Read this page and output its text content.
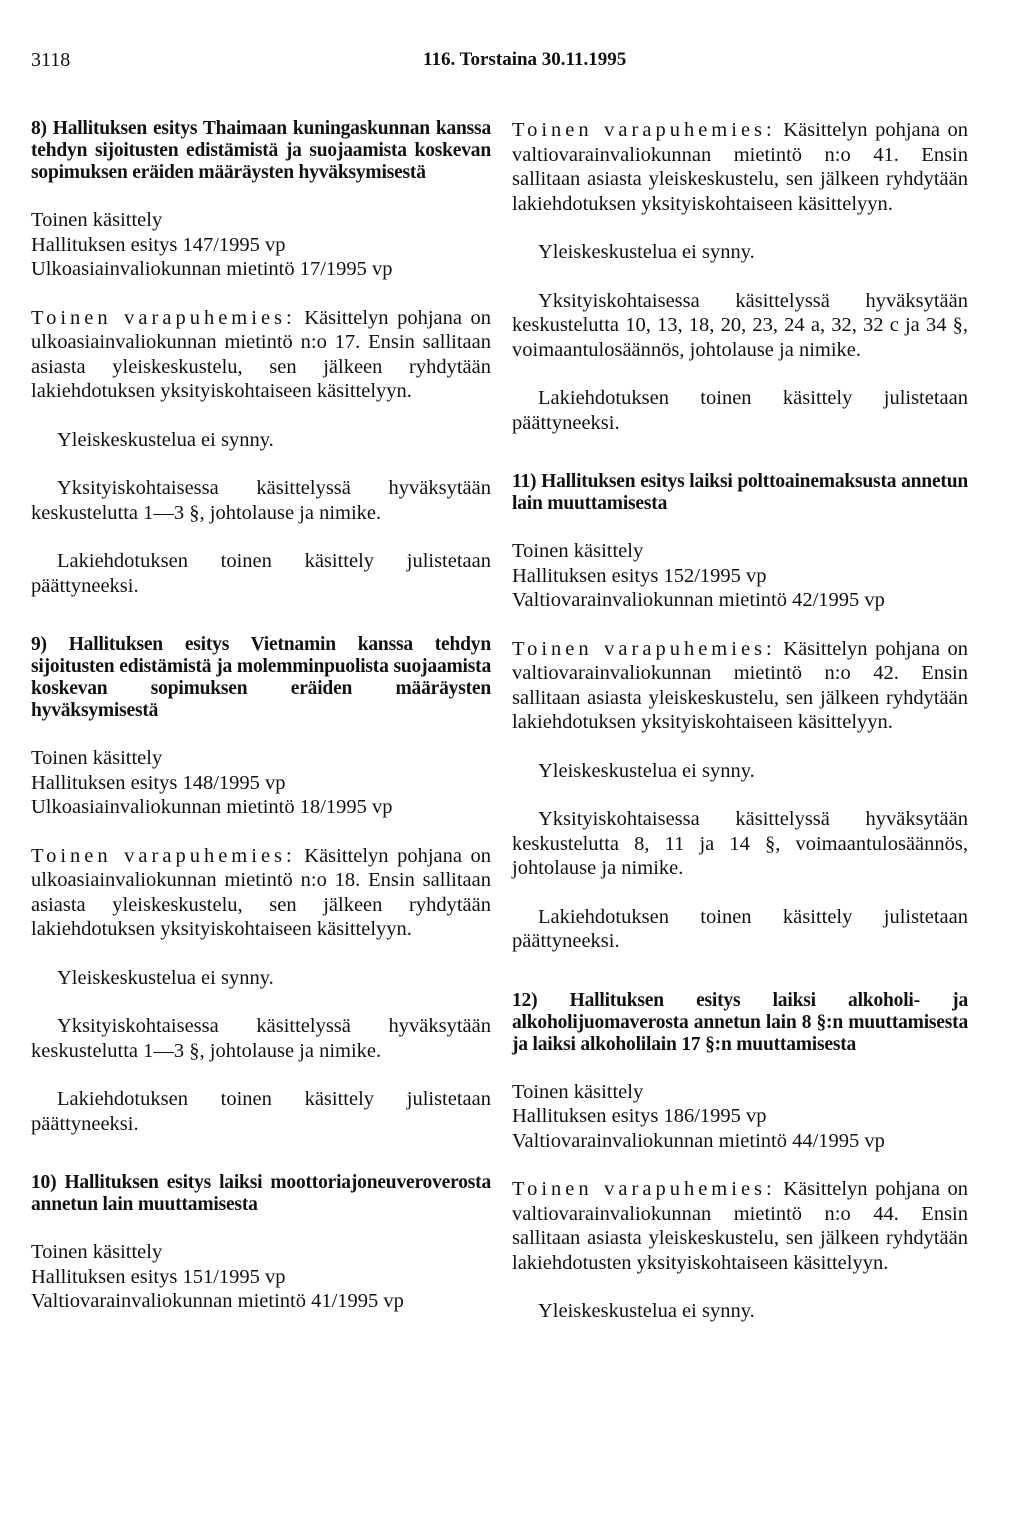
3118	116. Torstaina 30.11.1995
8) Hallituksen esitys Thaimaan kuningaskunnan kanssa tehdyn sijoitusten edistämistä ja suojaamista koskevan sopimuksen eräiden määräysten hyväksymisestä
Toinen käsittely
Hallituksen esitys 147/1995 vp
Ulkoasiainvaliokunnan mietintö 17/1995 vp

Toinen varapuhemies: Käsittelyn pohjana on ulkoasiainvaliokunnan mietintö n:o 17. Ensin sallitaan asiasta yleiskeskustelu, sen jälkeen ryhdytään lakiehdotuksen yksityiskohtaiseen käsittelyyn.

Yleiskeskustelua ei synny.

Yksityiskohtaisessa käsittelyssä hyväksytään keskustelutta 1—3 §, johtolause ja nimike.

Lakiehdotuksen toinen käsittely julistetaan päättyneeksi.

9) Hallituksen esitys Vietnamin kanssa tehdyn sijoitusten edistämistä ja molemminpuolista suojaamista koskevan sopimuksen eräiden määräysten hyväksymisestä
Toinen käsittely
Hallituksen esitys 148/1995 vp
Ulkoasiainvaliokunnan mietintö 18/1995 vp

Toinen varapuhemies: Käsittelyn pohjana on ulkoasiainvaliokunnan mietintö n:o 18. Ensin sallitaan asiasta yleiskeskustelu, sen jälkeen ryhdytään lakiehdotuksen yksityiskohtaiseen käsittelyyn.

Yleiskeskustelua ei synny.

Yksityiskohtaisessa käsittelyssä hyväksytään keskustelutta 1—3 §, johtolause ja nimike.

Lakiehdotuksen toinen käsittely julistetaan päättyneeksi.

10) Hallituksen esitys laiksi moottoriajoneuveroverosta annetun lain muuttamisesta
Toinen käsittely
Hallituksen esitys 151/1995 vp
Valtiovarainvaliokunnan mietintö 41/1995 vp

Toinen varapuhemies: Käsittelyn pohjana on valtiovarainvaliokunnan mietintö n:o 41. Ensin sallitaan asiasta yleiskeskustelu, sen jälkeen ryhdytään lakiehdotuksen yksityiskohtaiseen käsittelyyn.

Yleiskeskustelua ei synny.

Yksityiskohtaisessa käsittelyssä hyväksytään keskustelutta 10, 13, 18, 20, 23, 24 a, 32, 32 c ja 34 §, voimaantulosäännös, johtolause ja nimike.

Lakiehdotuksen toinen käsittely julistetaan päättyneeksi.

11) Hallituksen esitys laiksi polttoainemaksusta annetun lain muuttamisesta
Toinen käsittely
Hallituksen esitys 152/1995 vp
Valtiovarainvaliokunnan mietintö 42/1995 vp

Toinen varapuhemies: Käsittelyn pohjana on valtiovarainvaliokunnan mietintö n:o 42. Ensin sallitaan asiasta yleiskeskustelu, sen jälkeen ryhdytään lakiehdotuksen yksityiskohtaiseen käsittelyyn.

Yleiskeskustelua ei synny.

Yksityiskohtaisessa käsittelyssä hyväksytään keskustelutta 8, 11 ja 14 §, voimaantulosäännös, johtolause ja nimike.

Lakiehdotuksen toinen käsittely julistetaan päättyneeksi.

12) Hallituksen esitys laiksi alkoholi- ja alkoholijuomaverosta annetun lain 8 §:n muuttamisesta ja laiksi alkoholilain 17 §:n muuttamisesta
Toinen käsittely
Hallituksen esitys 186/1995 vp
Valtiovarainvaliokunnan mietintö 44/1995 vp

Toinen varapuhemies: Käsittelyn pohjana on valtiovarainvaliokunnan mietintö n:o 44. Ensin sallitaan asiasta yleiskeskustelu, sen jälkeen ryhdytään lakiehdotusten yksityiskohtaiseen käsittelyyn.

Yleiskeskustelua ei synny.
